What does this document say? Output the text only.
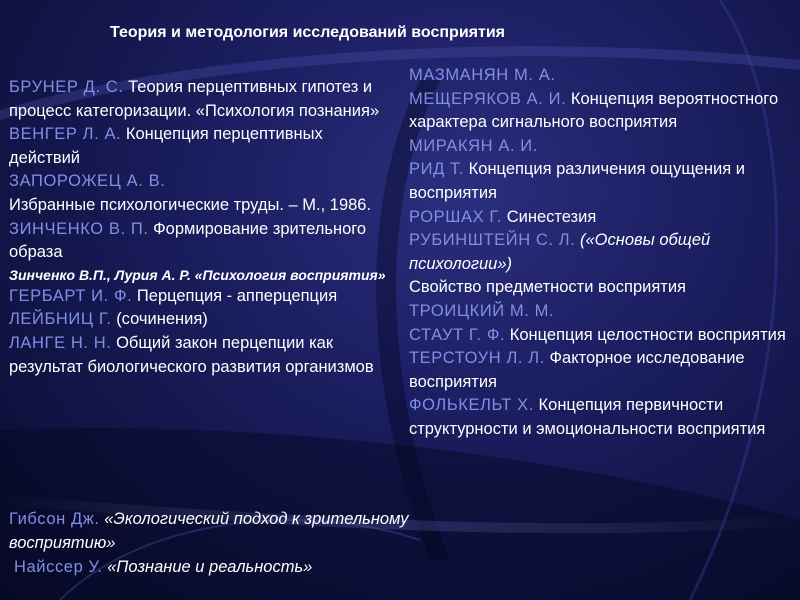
Теория и методология исследований восприятия

БРУНЕР Д. С. Теория перцептивных гипотез и процесс категоризации. «Психология познания»

ВЕНГЕР Л. А. Концепция перцептивных действий

ЗАПОРОЖЕЦ А. В.

Избранные психологические труды. – М., 1986.

ЗИНЧЕНКО В. П. Формирование зрительного образа

Зинченко В.П., Лурия А. Р. «Психология восприятия»

ГЕРБАРТ И. Ф. Перцепция - апперцепция

ЛЕЙБНИЦ Г. (сочинения)

ЛАНГЕ Н. Н. Общий закон перцепции как результат биологического развития организмов

Гибсон Дж. «Экологический подход к зрительному восприятию»

Найссер У. «Познание и реальность»

МАЗМАНЯН М. А.

МЕЩЕРЯКОВ А. И. Концепция вероятностного характера сигнального восприятия

МИРАКЯН А. И.

РИД Т. Концепция различения ощущения и восприятия

РОРШАХ Г. Синестезия

РУБИНШТЕЙН С. Л. («Основы общей психологии»)

Свойство предметности восприятия

ТРОИЦКИЙ М. М.

СТАУТ Г. Ф. Концепция целостности восприятия

ТЕРСТОУН Л. Л. Факторное исследование восприятия

ФОЛЬКЕЛЬТ Х. Концепция первичности структурности и эмоциональности восприятия
